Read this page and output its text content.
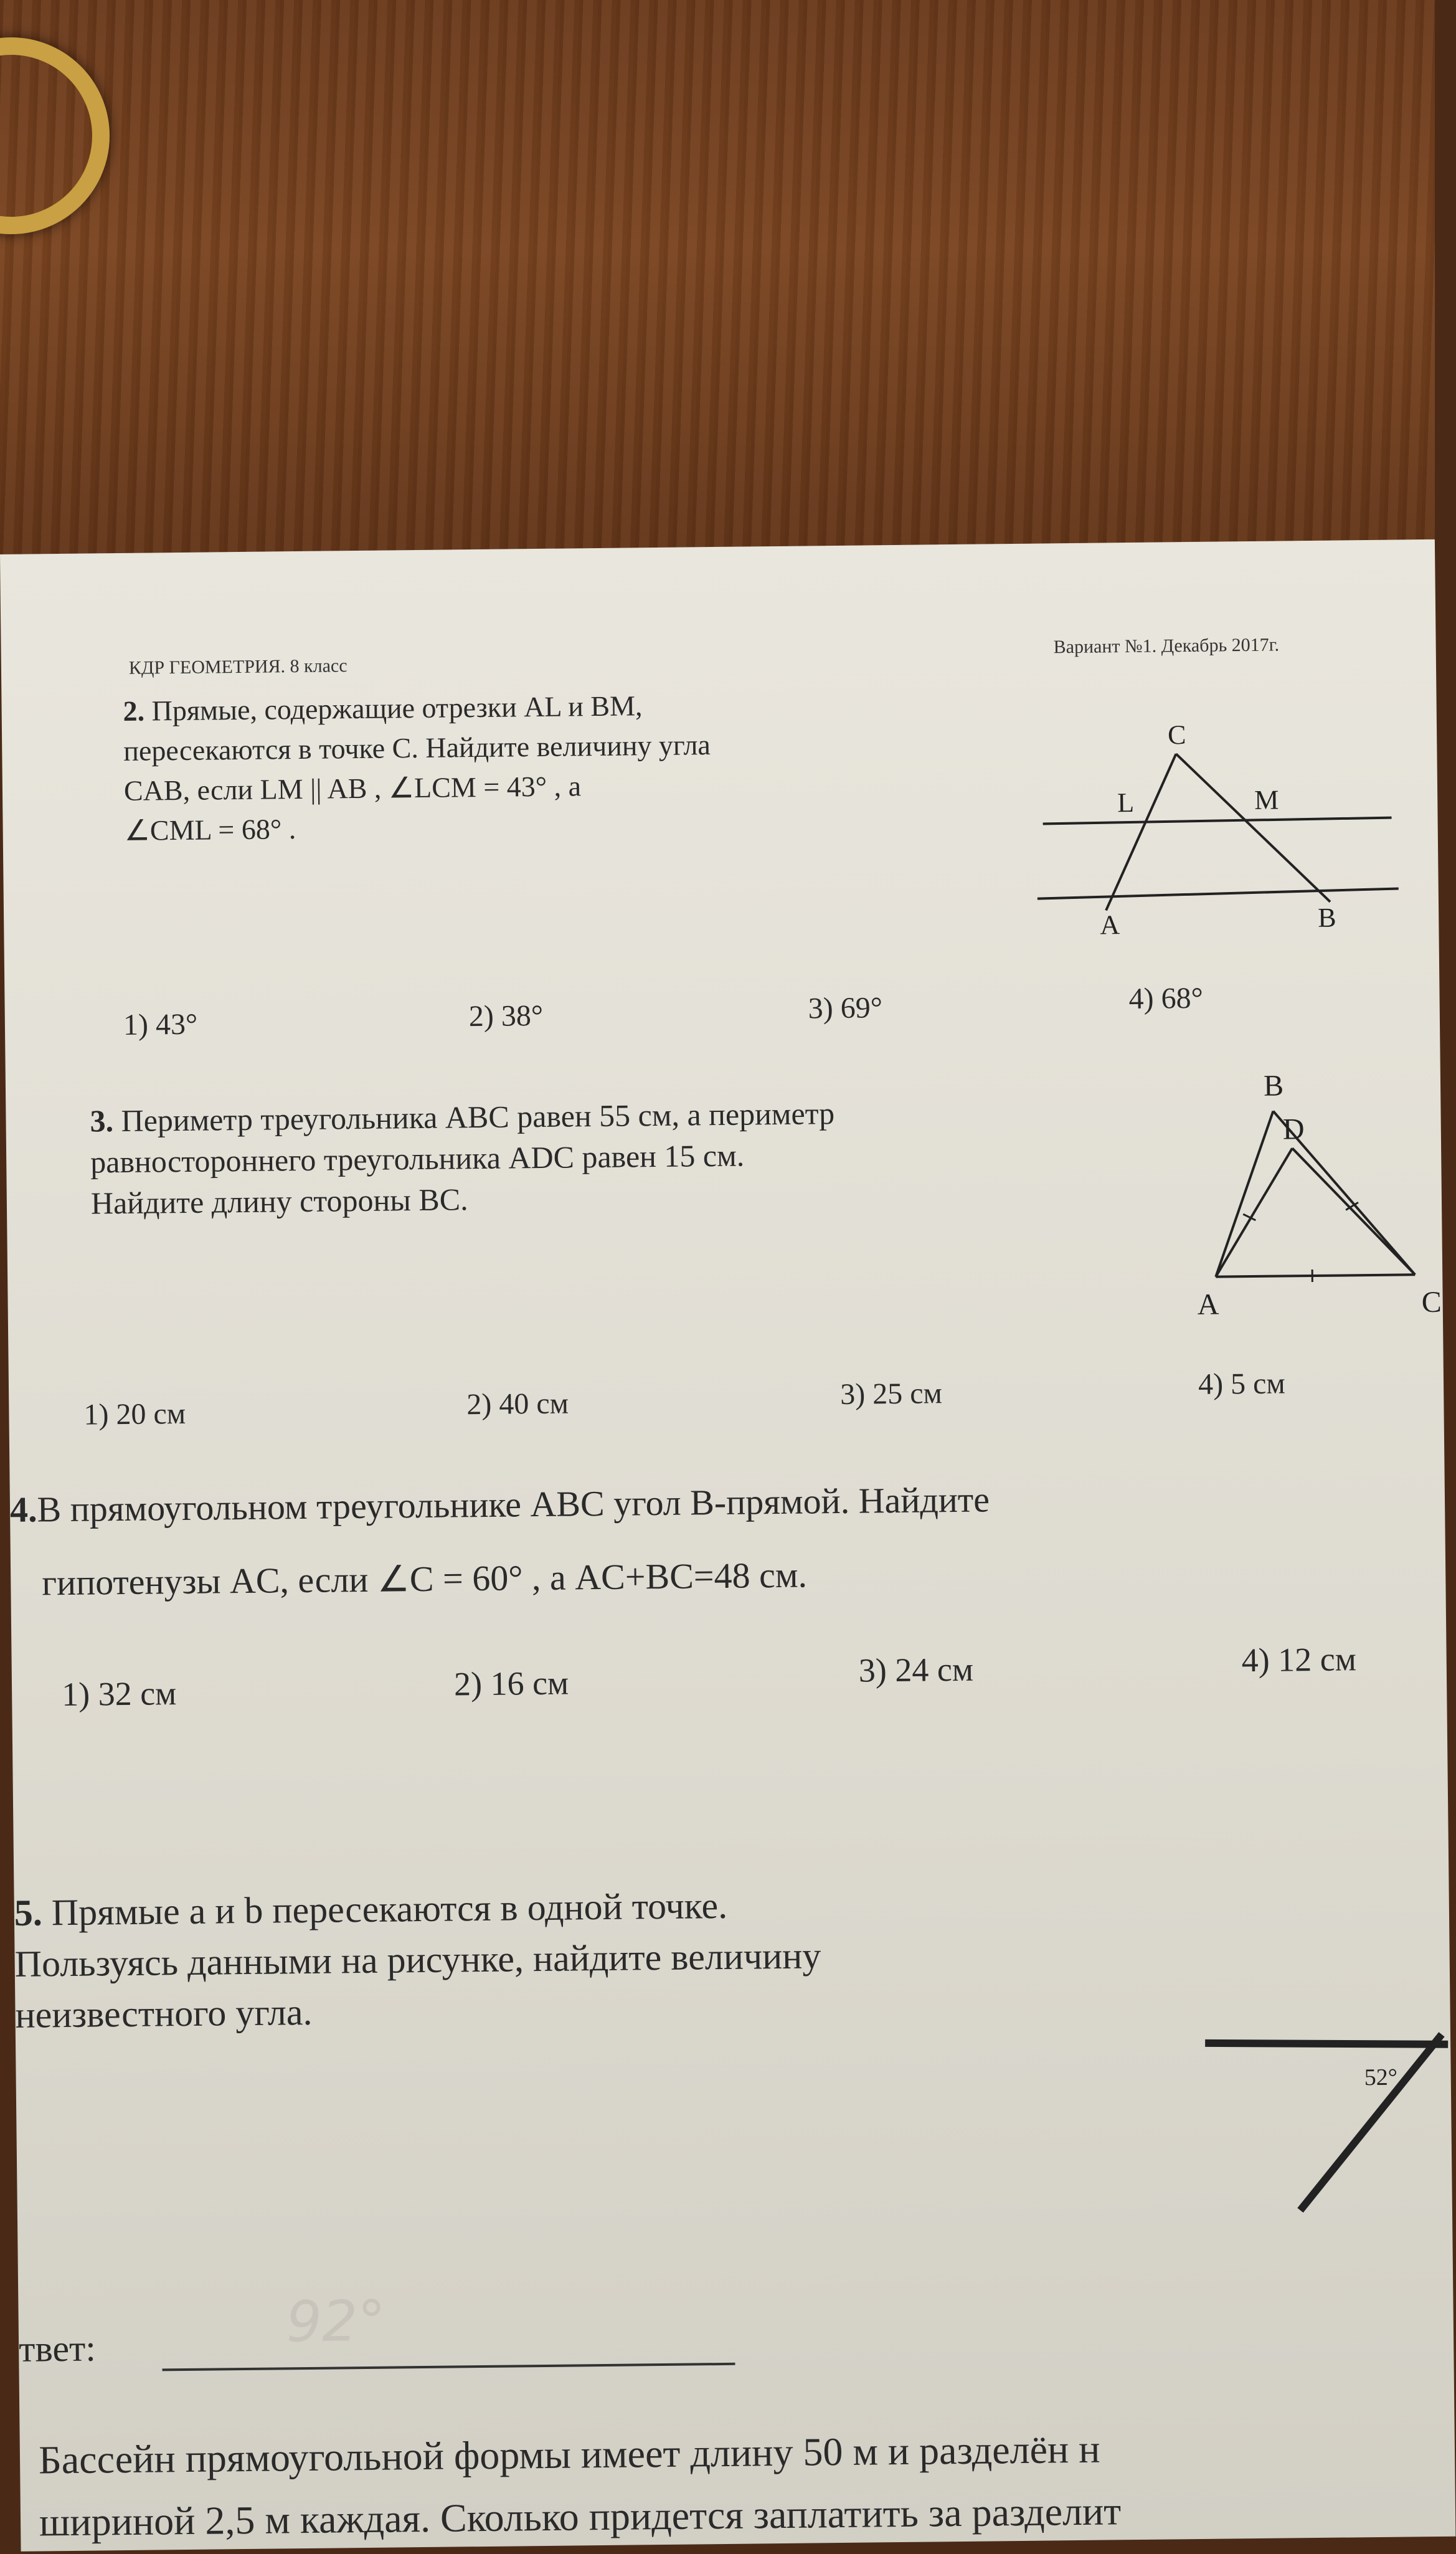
КДР ГЕОМЕТРИЯ. 8 класс
Вариант №1. Декабрь 2017г.
2. Прямые, содержащие отрезки AL и BM,
пересекаются в точке C. Найдите величину угла
CAB, если LM || AB , ∠LCM = 43° , а
∠CML = 68° .
C
L	M
A	B
1) 43°	2) 38°	3) 69°	4) 68°
3. Периметр треугольника ABC равен 55 см, а периметр
равностороннего треугольника ADC равен 15 см.
Найдите длину стороны BC.
B
D
A	C
1) 20 см	2) 40 см	3) 25 см	4) 5 см
4.В прямоугольном треугольнике ABC угол B-прямой. Найдите
гипотенузы AC, если ∠C = 60° , а AC+BC=48 см.
1) 32 см	2) 16 см	3) 24 см	4) 12 см
5. Прямые a и b пересекаются в одной точке.
Пользуясь данными на рисунке, найдите величину
неизвестного угла.
52°
твет:	92°
Бассейн прямоугольной формы имеет длину 50 м и разделён н
шириной 2,5 м каждая. Сколько придется заплатить за разделит
